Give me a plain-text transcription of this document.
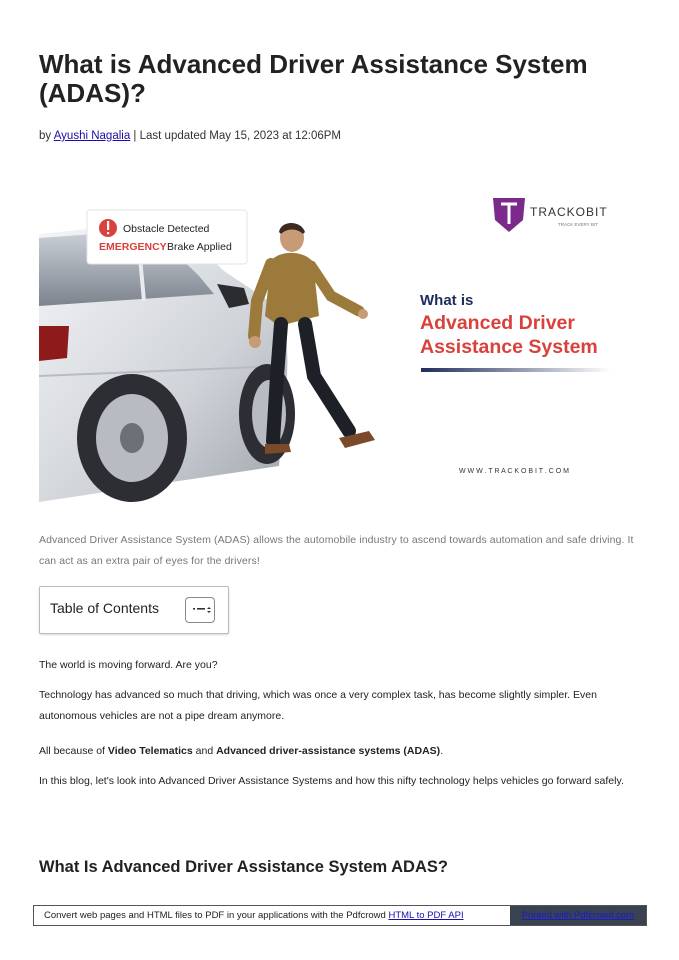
What is Advanced Driver Assistance System (ADAS)?
by Ayushi Nagalia | Last updated May 15, 2023 at 12:06PM
Obstacle Detected
EMERGENCY Brake Applied
TRACKOBIT
TRACK EVERY BIT
What is
Advanced Driver
Assistance System
W W W . T R A C K O B I T . C O M

Advanced Driver Assistance System (ADAS) allows the automobile industry to ascend towards automation and safe driving. It can act as an extra pair of eyes for the drivers!

Table of Contents

The world is moving forward. Are you?

Technology has advanced so much that driving, which was once a very complex task, has become slightly simpler. Even autonomous vehicles are not a pipe dream anymore.

All because of Video Telematics and Advanced driver-assistance systems (ADAS).

In this blog, let's look into Advanced Driver Assistance Systems and how this nifty technology helps vehicles go forward safely.

What Is Advanced Driver Assistance System ADAS?
Convert web pages and HTML files to PDF in your applications with the Pdfcrowd HTML to PDF API	Printed with Pdfcrowd.com
